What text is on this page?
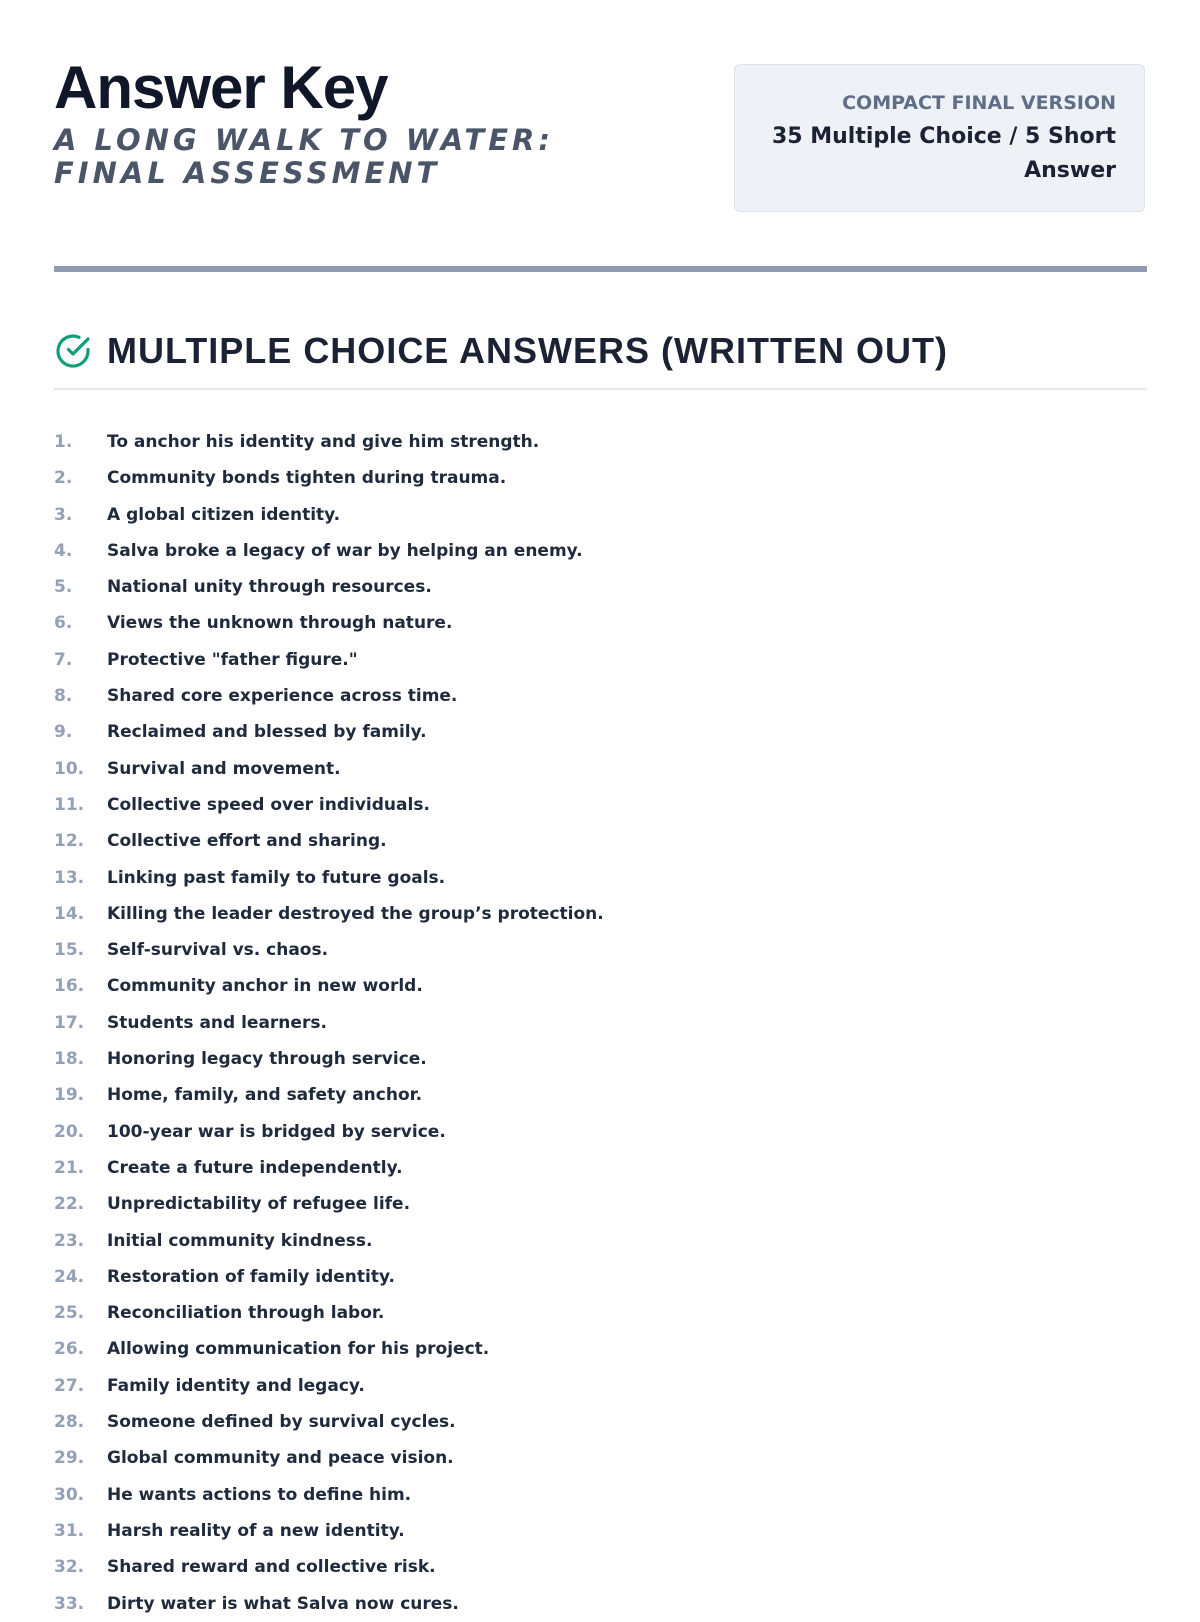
Answer Key
A LONG WALK TO WATER: FINAL ASSESSMENT
COMPACT FINAL VERSION
35 Multiple Choice / 5 Short Answer
MULTIPLE CHOICE ANSWERS (WRITTEN OUT)
1.	To anchor his identity and give him strength.
2.	Community bonds tighten during trauma.
3.	A global citizen identity.
4.	Salva broke a legacy of war by helping an enemy.
5.	National unity through resources.
6.	Views the unknown through nature.
7.	Protective "father figure."
8.	Shared core experience across time.
9.	Reclaimed and blessed by family.
10.	Survival and movement.
11.	Collective speed over individuals.
12.	Collective effort and sharing.
13.	Linking past family to future goals.
14.	Killing the leader destroyed the group’s protection.
15.	Self-survival vs. chaos.
16.	Community anchor in new world.
17.	Students and learners.
18.	Honoring legacy through service.
19.	Home, family, and safety anchor.
20.	100-year war is bridged by service.
21.	Create a future independently.
22.	Unpredictability of refugee life.
23.	Initial community kindness.
24.	Restoration of family identity.
25.	Reconciliation through labor.
26.	Allowing communication for his project.
27.	Family identity and legacy.
28.	Someone defined by survival cycles.
29.	Global community and peace vision.
30.	He wants actions to define him.
31.	Harsh reality of a new identity.
32.	Shared reward and collective risk.
33.	Dirty water is what Salva now cures.
